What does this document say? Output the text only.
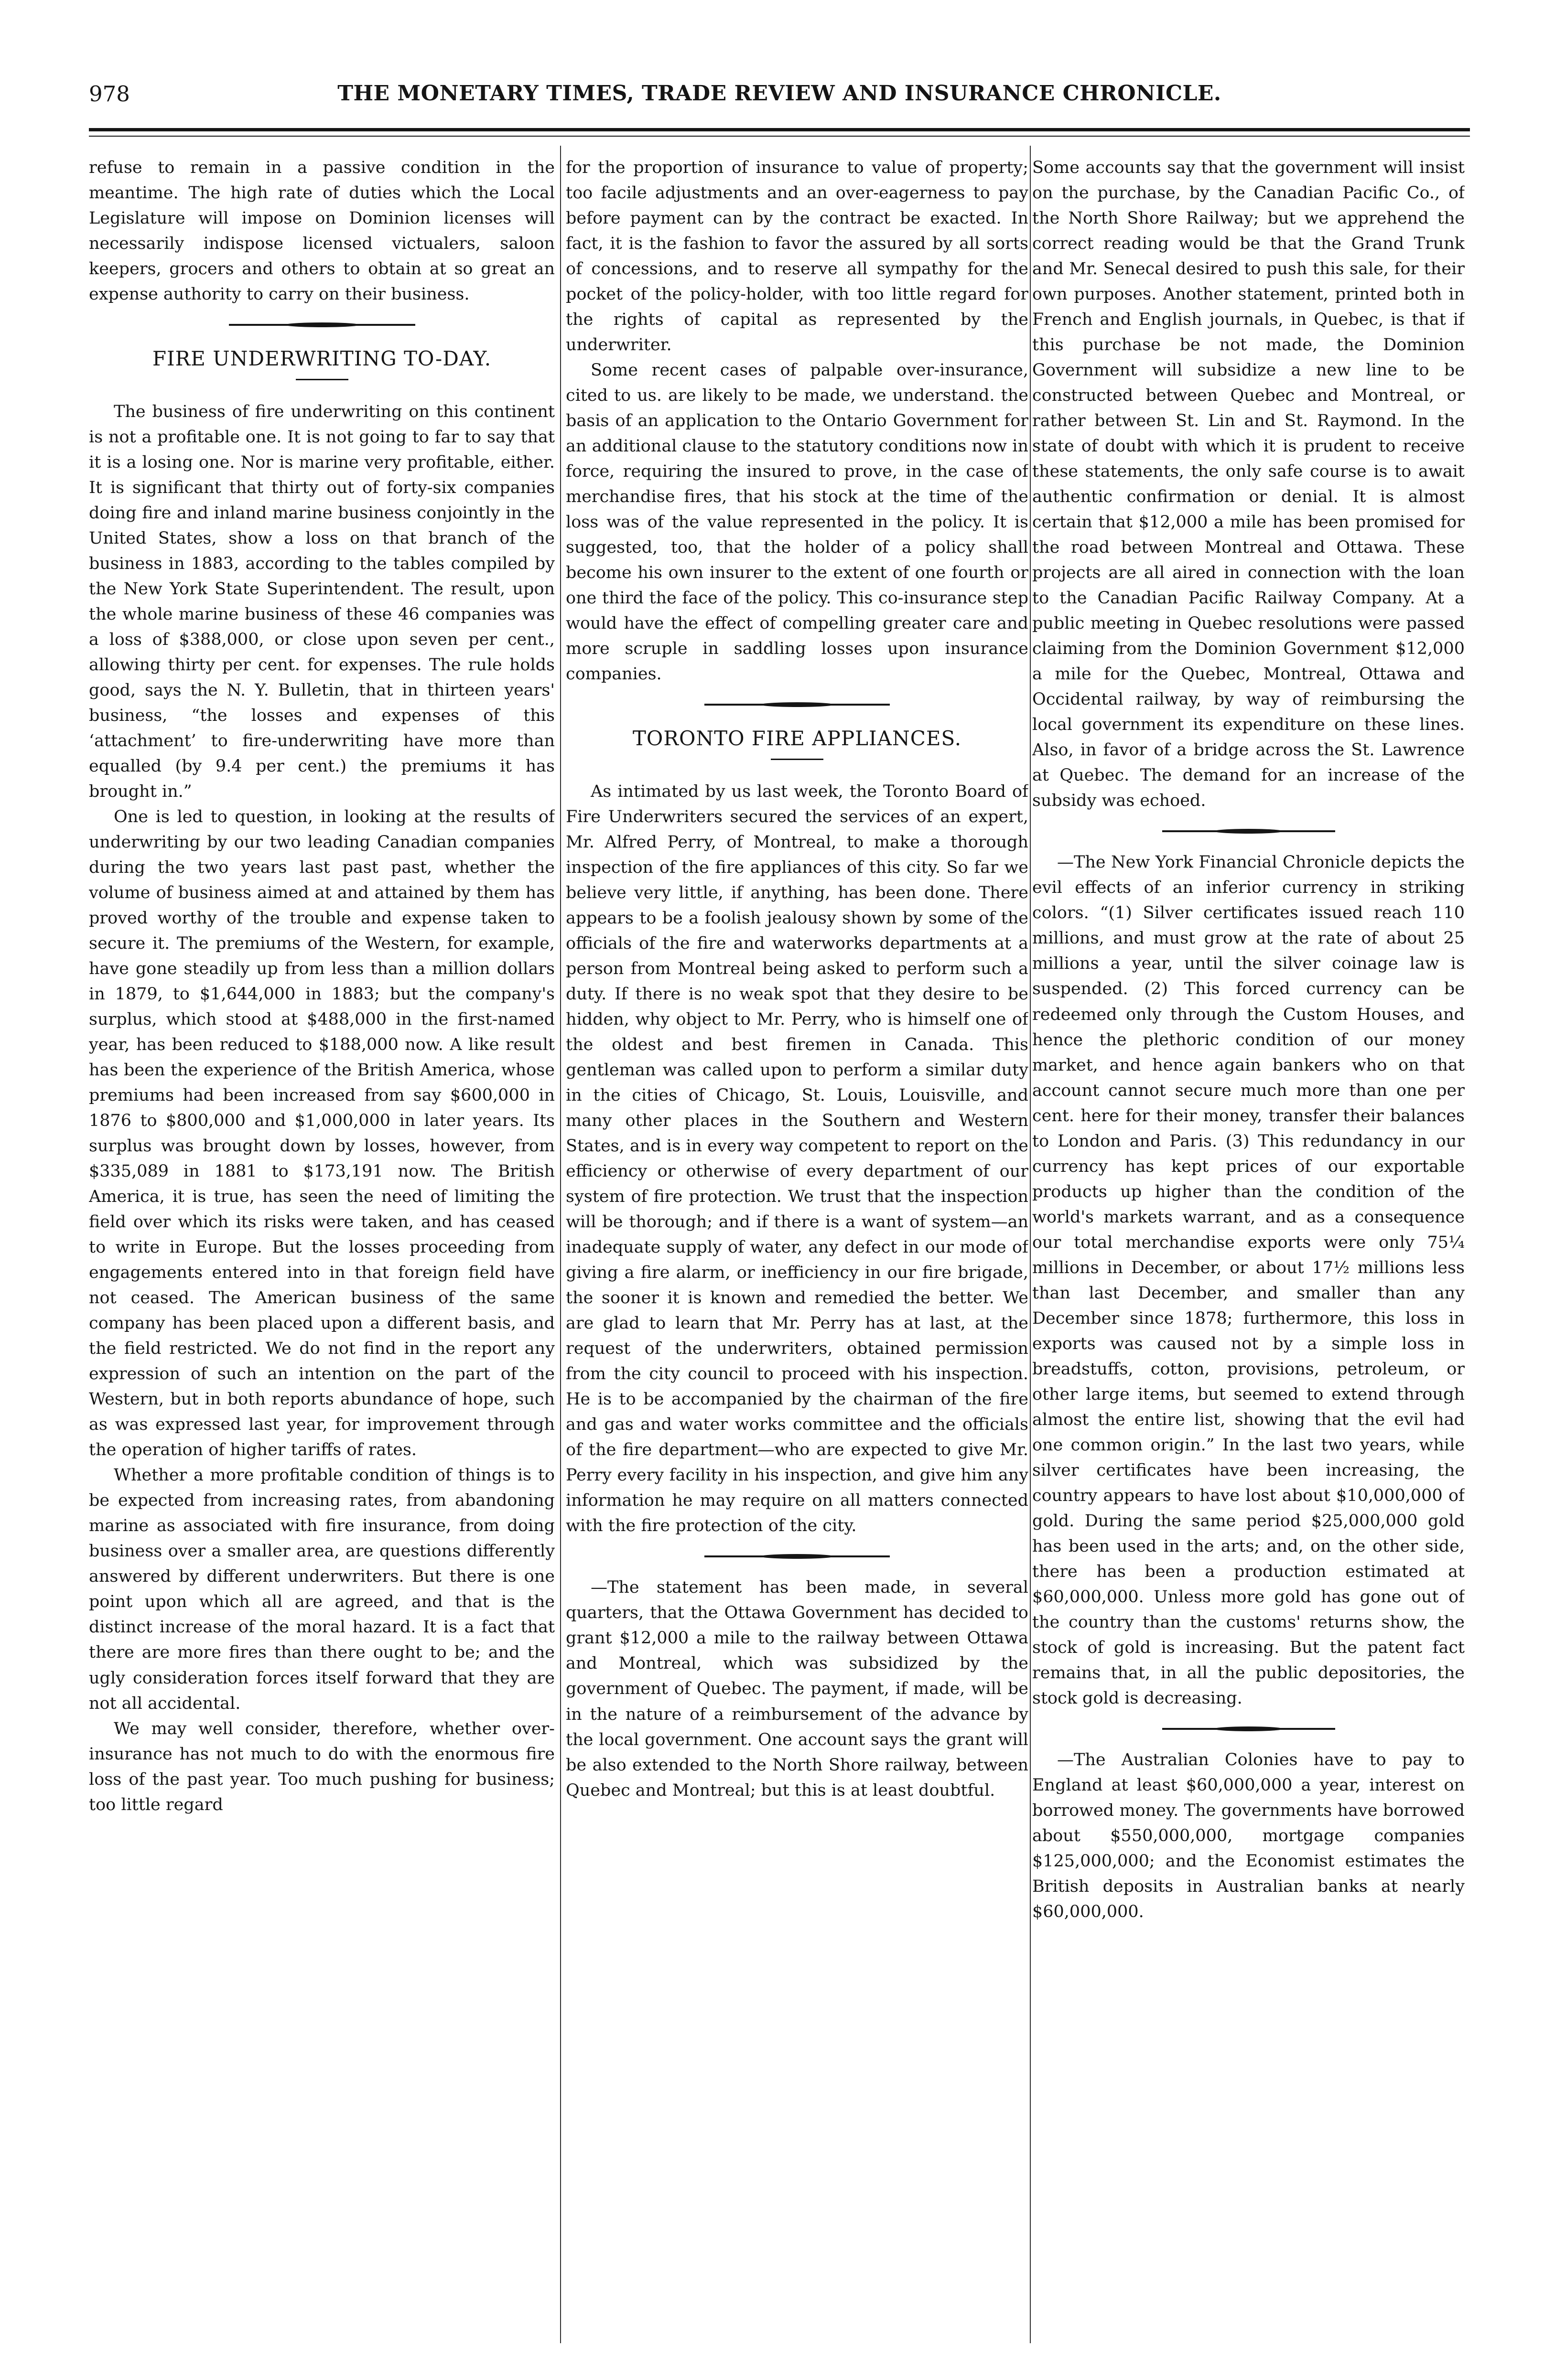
978	THE MONETARY TIMES, TRADE REVIEW AND INSURANCE CHRONICLE.

refuse to remain in a passive condition in the meantime. The high rate of duties which the Local Legislature will impose on Dominion licenses will necessarily indispose licensed victualers, saloon keepers, grocers and others to obtain at so great an expense authority to carry on their business.

FIRE UNDERWRITING TO-DAY.

The business of fire underwriting on this continent is not a profitable one. It is not going to far to say that it is a losing one. Nor is marine very profitable, either. It is significant that thirty out of forty-six companies doing fire and inland marine business conjointly in the United States, show a loss on that branch of the business in 1883, according to the tables compiled by the New York State Superintendent. The result, upon the whole marine business of these 46 companies was a loss of $388,000, or close upon seven per cent., allowing thirty per cent. for expenses. The rule holds good, says the N. Y. Bulletin, that in thirteen years' business, “the losses and expenses of this ‘attachment’ to fire-underwriting have more than equalled (by 9.4 per cent.) the premiums it has brought in.”

One is led to question, in looking at the results of underwriting by our two leading Canadian companies during the two years last past past, whether the volume of business aimed at and attained by them has proved worthy of the trouble and expense taken to secure it. The premiums of the Western, for example, have gone steadily up from less than a million dollars in 1879, to $1,644,000 in 1883; but the company's surplus, which stood at $488,000 in the first-named year, has been reduced to $188,000 now. A like result has been the experience of the British America, whose premiums had been increased from say $600,000 in 1876 to $800,000 and $1,000,000 in later years. Its surplus was brought down by losses, however, from $335,089 in 1881 to $173,191 now. The British America, it is true, has seen the need of limiting the field over which its risks were taken, and has ceased to write in Europe. But the losses proceeding from engagements entered into in that foreign field have not ceased. The American business of the same company has been placed upon a different basis, and the field restricted. We do not find in the report any expression of such an intention on the part of the Western, but in both reports abundance of hope, such as was expressed last year, for improvement through the operation of higher tariffs of rates.

Whether a more profitable condition of things is to be expected from increasing rates, from abandoning marine as associated with fire insurance, from doing business over a smaller area, are questions differently answered by different underwriters. But there is one point upon which all are agreed, and that is the distinct increase of the moral hazard. It is a fact that there are more fires than there ought to be; and the ugly consideration forces itself forward that they are not all accidental.

We may well consider, therefore, whether over-insurance has not much to do with the enormous fire loss of the past year. Too much pushing for business; too little regard

for the proportion of insurance to value of property; too facile adjustments and an over-eagerness to pay before payment can by the contract be exacted. In fact, it is the fashion to favor the assured by all sorts of concessions, and to reserve all sympathy for the pocket of the policy-holder, with too little regard for the rights of capital as represented by the underwriter.

Some recent cases of palpable over-insurance, cited to us. are likely to be made, we understand. the basis of an application to the Ontario Government for an additional clause to the statutory conditions now in force, requiring the insured to prove, in the case of merchandise fires, that his stock at the time of the loss was of the value represented in the policy. It is suggested, too, that the holder of a policy shall become his own insurer to the extent of one fourth or one third the face of the policy. This co-insurance step would have the effect of compelling greater care and more scruple in saddling losses upon insurance companies.

TORONTO FIRE APPLIANCES.

As intimated by us last week, the Toronto Board of Fire Underwriters secured the services of an expert, Mr. Alfred Perry, of Montreal, to make a thorough inspection of the fire appliances of this city. So far we believe very little, if anything, has been done. There appears to be a foolish jealousy shown by some of the officials of the fire and waterworks departments at a person from Montreal being asked to perform such a duty. If there is no weak spot that they desire to be hidden, why object to Mr. Perry, who is himself one of the oldest and best firemen in Canada. This gentleman was called upon to perform a similar duty in the cities of Chicago, St. Louis, Louisville, and many other places in the Southern and Western States, and is in every way competent to report on the efficiency or otherwise of every department of our system of fire protection. We trust that the inspection will be thorough; and if there is a want of system—an inadequate supply of water, any defect in our mode of giving a fire alarm, or inefficiency in our fire brigade, the sooner it is known and remedied the better. We are glad to learn that Mr. Perry has at last, at the request of the underwriters, obtained permission from the city council to proceed with his inspection. He is to be accompanied by the chairman of the fire and gas and water works committee and the officials of the fire department—who are expected to give Mr. Perry every facility in his inspection, and give him any information he may require on all matters connected with the fire protection of the city.

—The statement has been made, in several quarters, that the Ottawa Government has decided to grant $12,000 a mile to the railway between Ottawa and Montreal, which was subsidized by the government of Quebec. The payment, if made, will be in the nature of a reimbursement of the advance by the local government. One account says the grant will be also extended to the North Shore railway, between Quebec and Montreal; but this is at least doubtful.

Some accounts say that the government will insist on the purchase, by the Canadian Pacific Co., of the North Shore Railway; but we apprehend the correct reading would be that the Grand Trunk and Mr. Senecal desired to push this sale, for their own purposes. Another statement, printed both in French and English journals, in Quebec, is that if this purchase be not made, the Dominion Government will subsidize a new line to be constructed between Quebec and Montreal, or rather between St. Lin and St. Raymond. In the state of doubt with which it is prudent to receive these statements, the only safe course is to await authentic confirmation or denial. It is almost certain that $12,000 a mile has been promised for the road between Montreal and Ottawa. These projects are all aired in connection with the loan to the Canadian Pacific Railway Company. At a public meeting in Quebec resolutions were passed claiming from the Dominion Government $12,000 a mile for the Quebec, Montreal, Ottawa and Occidental railway, by way of reimbursing the local government its expenditure on these lines. Also, in favor of a bridge across the St. Lawrence at Quebec. The demand for an increase of the subsidy was echoed.

—The New York Financial Chronicle depicts the evil effects of an inferior currency in striking colors. “(1) Silver certificates issued reach 110 millions, and must grow at the rate of about 25 millions a year, until the silver coinage law is suspended. (2) This forced currency can be redeemed only through the Custom Houses, and hence the plethoric condition of our money market, and hence again bankers who on that account cannot secure much more than one per cent. here for their money, transfer their balances to London and Paris. (3) This redundancy in our currency has kept prices of our exportable products up higher than the condition of the world's markets warrant, and as a consequence our total merchandise exports were only 75¼ millions in December, or about 17½ millions less than last December, and smaller than any December since 1878; furthermore, this loss in exports was caused not by a simple loss in breadstuffs, cotton, provisions, petroleum, or other large items, but seemed to extend through almost the entire list, showing that the evil had one common origin.” In the last two years, while silver certificates have been increasing, the country appears to have lost about $10,000,000 of gold. During the same period $25,000,000 gold has been used in the arts; and, on the other side, there has been a production estimated at $60,000,000. Unless more gold has gone out of the country than the customs' returns show, the stock of gold is increasing. But the patent fact remains that, in all the public depositories, the stock gold is decreasing.

—The Australian Colonies have to pay to England at least $60,000,000 a year, interest on borrowed money. The governments have borrowed about $550,000,000, mortgage companies $125,000,000; and the Economist estimates the British deposits in Australian banks at nearly $60,000,000.
